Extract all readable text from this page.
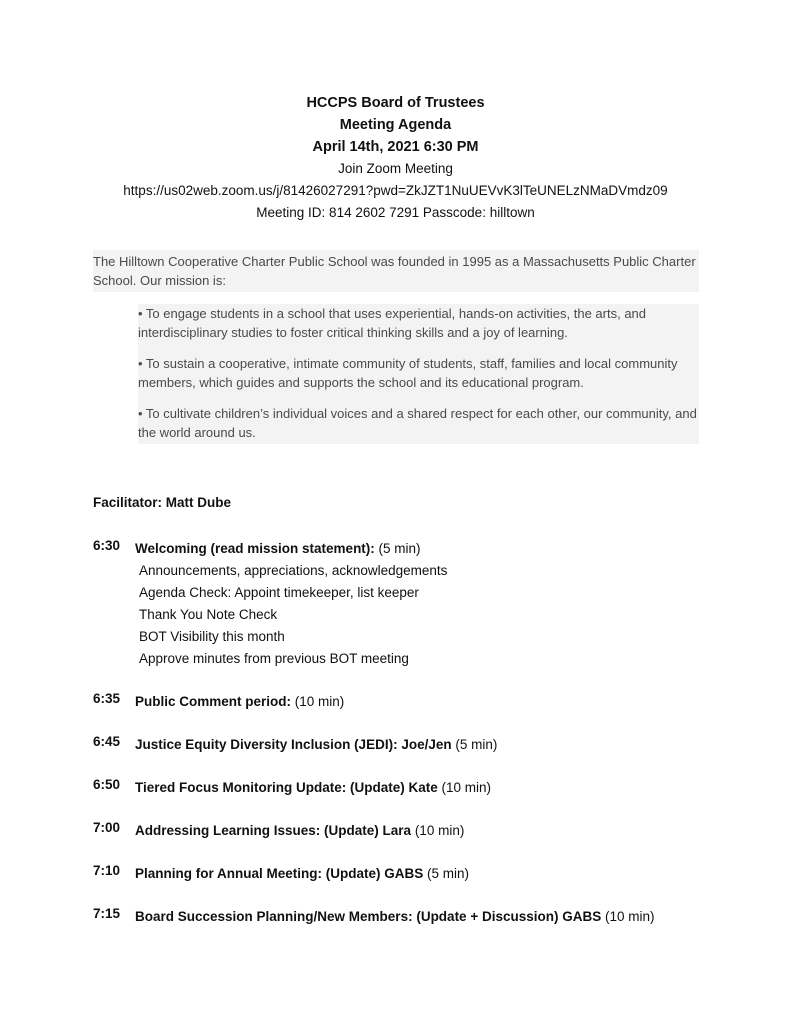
HCCPS Board of Trustees
Meeting Agenda
April 14th, 2021 6:30 PM
Join Zoom Meeting
https://us02web.zoom.us/j/81426027291?pwd=ZkJZT1NuUEVvK3lTeUNELzNMaDVmdz09
Meeting ID: 814 2602 7291 Passcode: hilltown
The Hilltown Cooperative Charter Public School was founded in 1995 as a Massachusetts Public Charter School. Our mission is:
• To engage students in a school that uses experiential, hands-on activities, the arts, and interdisciplinary studies to foster critical thinking skills and a joy of learning.
• To sustain a cooperative, intimate community of students, staff, families and local community members, which guides and supports the school and its educational program.
• To cultivate children’s individual voices and a shared respect for each other, our community, and the world around us.
Facilitator: Matt Dube
6:30	Welcoming (read mission statement): (5 min)
Announcements, appreciations, acknowledgements
Agenda Check: Appoint timekeeper, list keeper
Thank You Note Check
BOT Visibility this month
Approve minutes from previous BOT meeting
6:35	Public Comment period: (10 min)
6:45	Justice Equity Diversity Inclusion (JEDI): Joe/Jen (5 min)
6:50	Tiered Focus Monitoring Update: (Update) Kate (10 min)
7:00	Addressing Learning Issues: (Update) Lara (10 min)
7:10	Planning for Annual Meeting: (Update) GABS (5 min)
7:15	Board Succession Planning/New Members: (Update + Discussion) GABS (10 min)
